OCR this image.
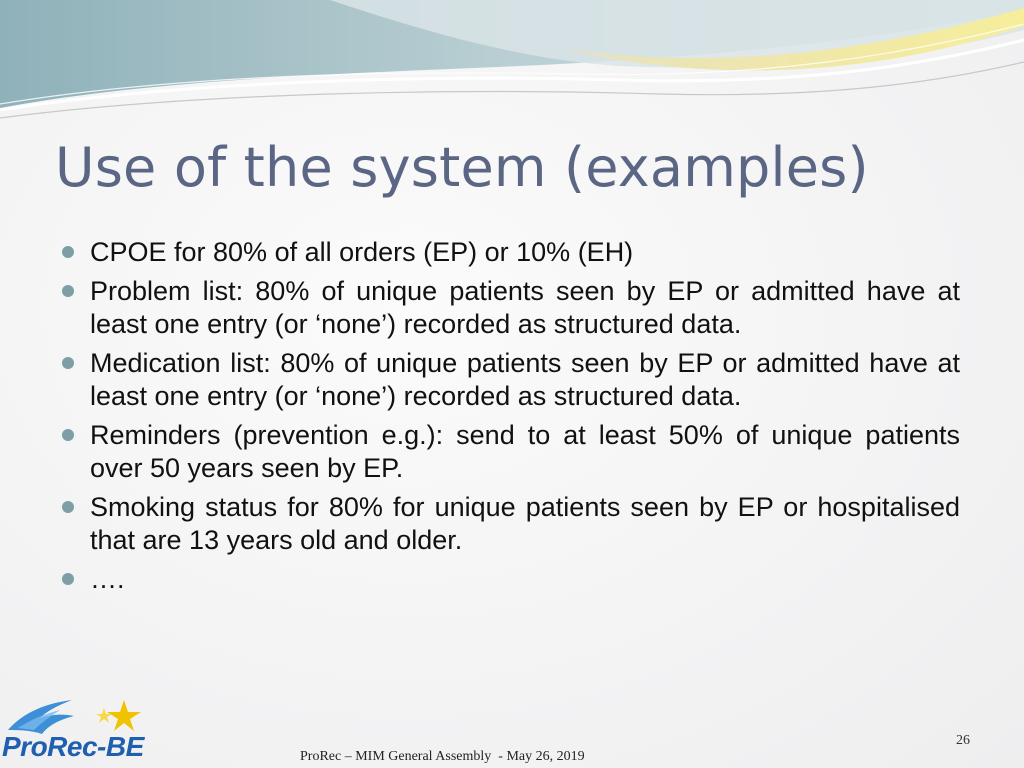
Use of the system (examples)
CPOE for 80% of all orders (EP) or 10% (EH)
Problem list: 80% of unique patients seen by EP or admitted have at least one entry (or ‘none’) recorded as structured data.
Medication list: 80% of unique patients seen by EP or admitted have at least one entry (or ‘none’) recorded as structured data.
Reminders (prevention e.g.): send to at least 50% of unique patients over 50 years seen by EP.
Smoking status for 80% for unique patients seen by EP or hospitalised that are 13 years old and older.
….
ProRec-BE	ProRec – MIM General Assembly  - May 26, 2019
26
